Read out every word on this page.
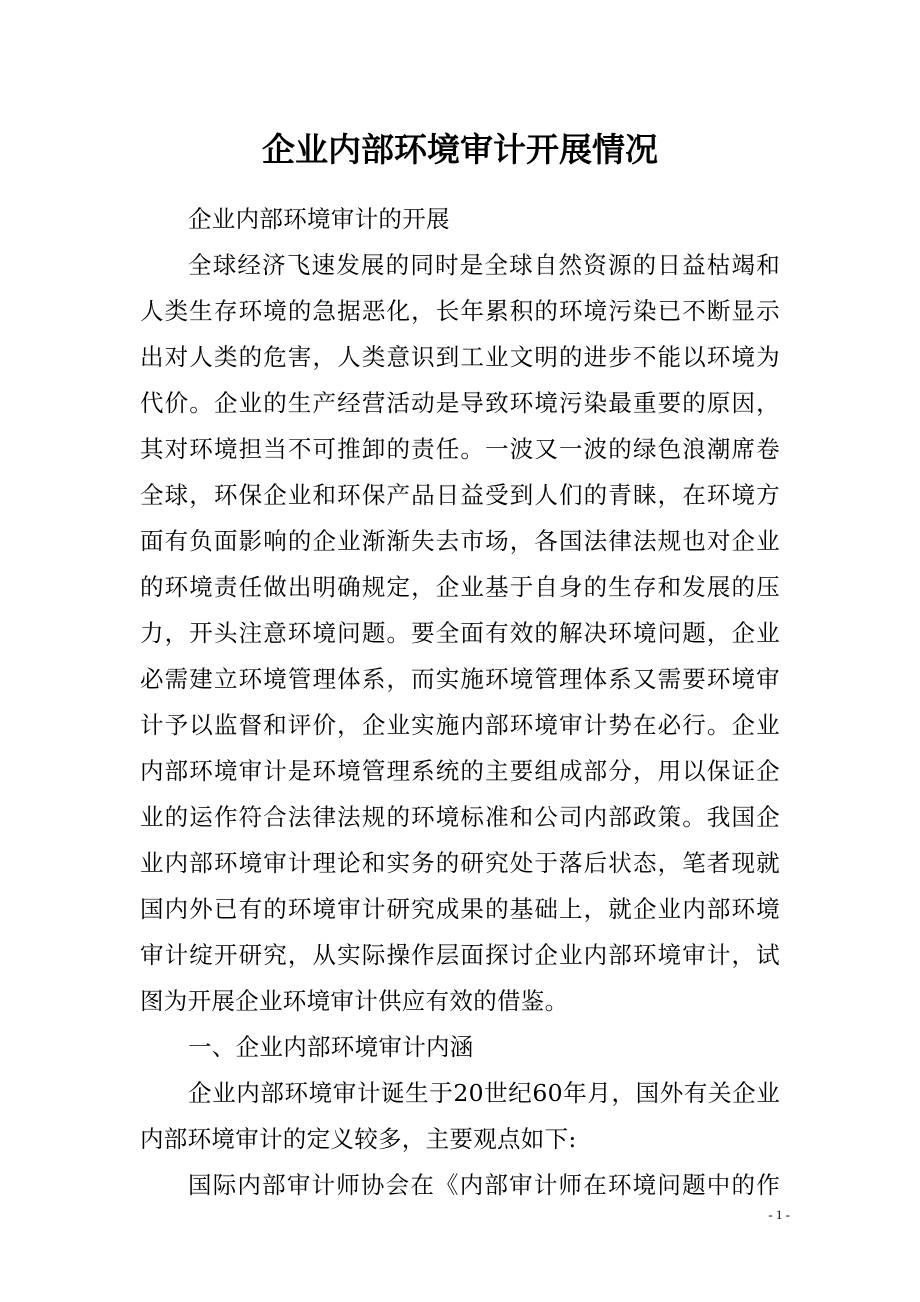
企业内部环境审计开展情况

企业内部环境审计的开展

全球经济飞速发展的同时是全球自然资源的日益枯竭和人类生存环境的急据恶化，长年累积的环境污染已不断显示出对人类的危害，人类意识到工业文明的进步不能以环境为代价。企业的生产经营活动是导致环境污染最重要的原因，其对环境担当不可推卸的责任。一波又一波的绿色浪潮席卷全球，环保企业和环保产品日益受到人们的青睐，在环境方面有负面影响的企业渐渐失去市场，各国法律法规也对企业的环境责任做出明确规定，企业基于自身的生存和发展的压力，开头注意环境问题。要全面有效的解决环境问题，企业必需建立环境管理体系，而实施环境管理体系又需要环境审计予以监督和评价，企业实施内部环境审计势在必行。企业内部环境审计是环境管理系统的主要组成部分，用以保证企业的运作符合法律法规的环境标准和公司内部政策。我国企业内部环境审计理论和实务的研究处于落后状态，笔者现就国内外已有的环境审计研究成果的基础上，就企业内部环境审计绽开研究，从实际操作层面探讨企业内部环境审计，试图为开展企业环境审计供应有效的借鉴。

一、企业内部环境审计内涵

企业内部环境审计诞生于20世纪60年月，国外有关企业内部环境审计的定义较多，主要观点如下:

国际内部审计师协会在《内部审计师在环境问题中的作

- 1 -
